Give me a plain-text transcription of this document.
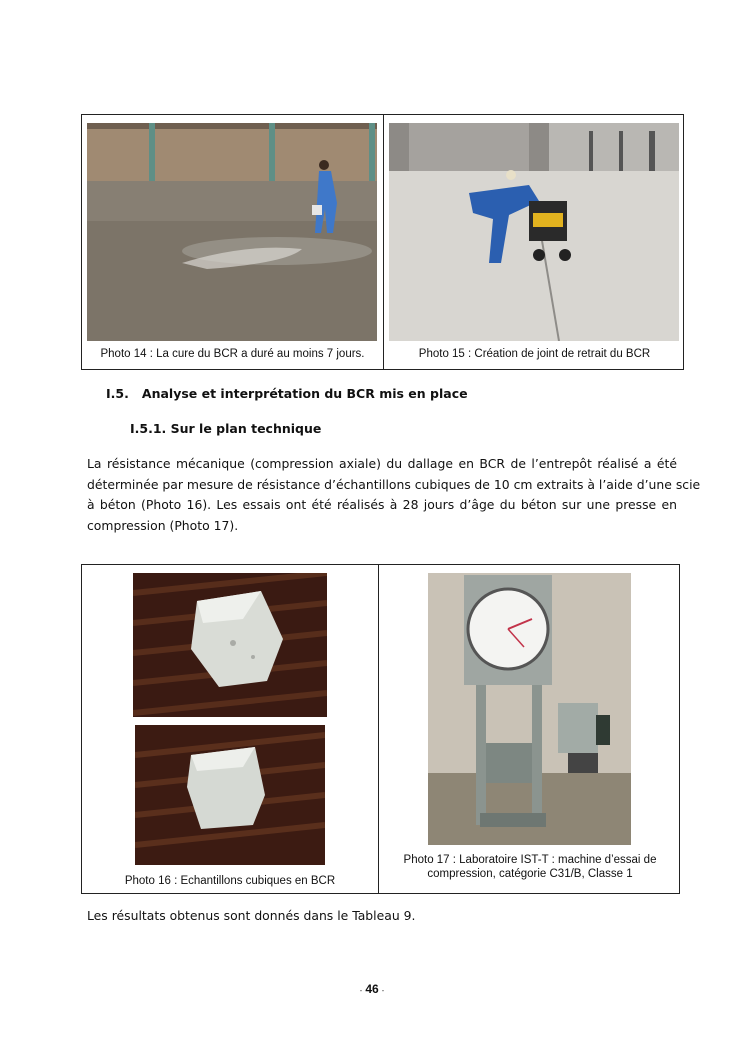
Photo 14 : La cure du BCR a duré au moins 7 jours.	Photo 15 : Création de joint de retrait du BCR
I.5.   Analyse et interprétation du BCR mis en place
I.5.1. Sur le plan technique
La résistance mécanique (compression axiale) du dallage en BCR de l’entrepôt réalisé a été
déterminée par mesure de résistance d’échantillons cubiques de 10 cm extraits à l’aide d’une scie
à béton (Photo 16). Les essais ont été réalisés à 28 jours d’âge du béton sur une presse en
compression (Photo 17).
Photo 16 : Echantillons cubiques en BCR
Photo 17 : Laboratoire IST-T : machine d’essai de
compression, catégorie C31/B, Classe 1
Les résultats obtenus sont donnés dans le Tableau 9.
- 46 -
